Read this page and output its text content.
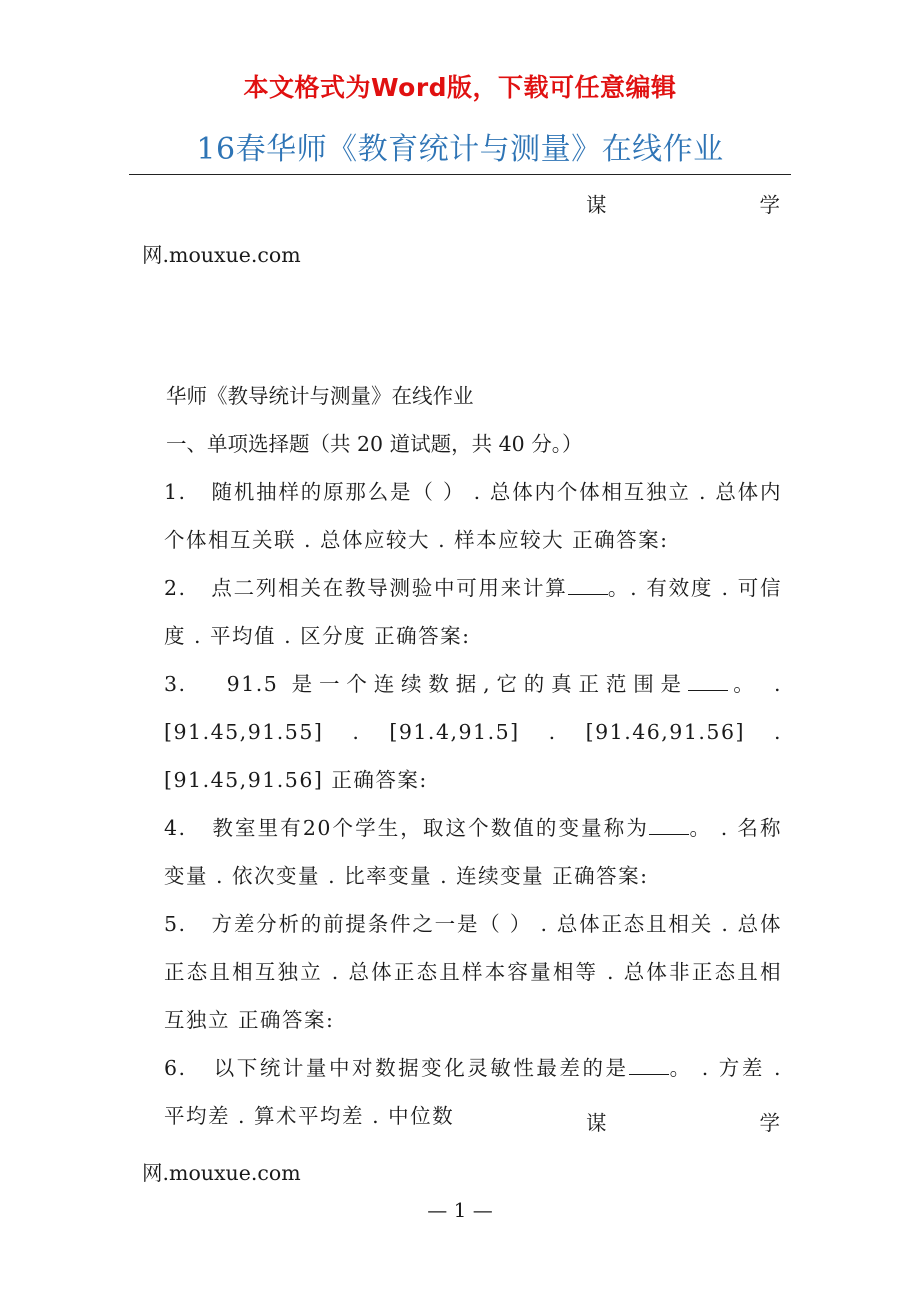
本文格式为Word版，下载可任意编辑
16春华师《教育统计与测量》在线作业
谋	学
网.mouxue.com

华师《教导统计与测量》在线作业

一、单项选择题（共 20 道试题，共 40 分。）

1. 随机抽样的原那么是（ ） . 总体内个体相互独立 . 总体内个体相互关联 . 总体应较大 . 样本应较大 正确答案:

2. 点二列相关在教导测验中可用来计算 。. 有效度 . 可信度 . 平均值 . 区分度 正确答案:

3. 91.5 是一个连续数据,它的真正范围是 。 . [91.45,91.55] . [91.4,91.5] . [91.46,91.56] . [91.45,91.56] 正确答案:

4. 教室里有20个学生，取这个数值的变量称为 。 . 名称变量 . 依次变量 . 比率变量 . 连续变量 正确答案:

5. 方差分析的前提条件之一是（ ） . 总体正态且相关 . 总体正态且相互独立 . 总体正态且样本容量相等 . 总体非正态且相互独立 正确答案:

6. 以下统计量中对数据变化灵敏性最差的是 。 . 方差 . 平均差 . 算术平均差 . 中位数	谋	学
网.mouxue.com
— 1 —
